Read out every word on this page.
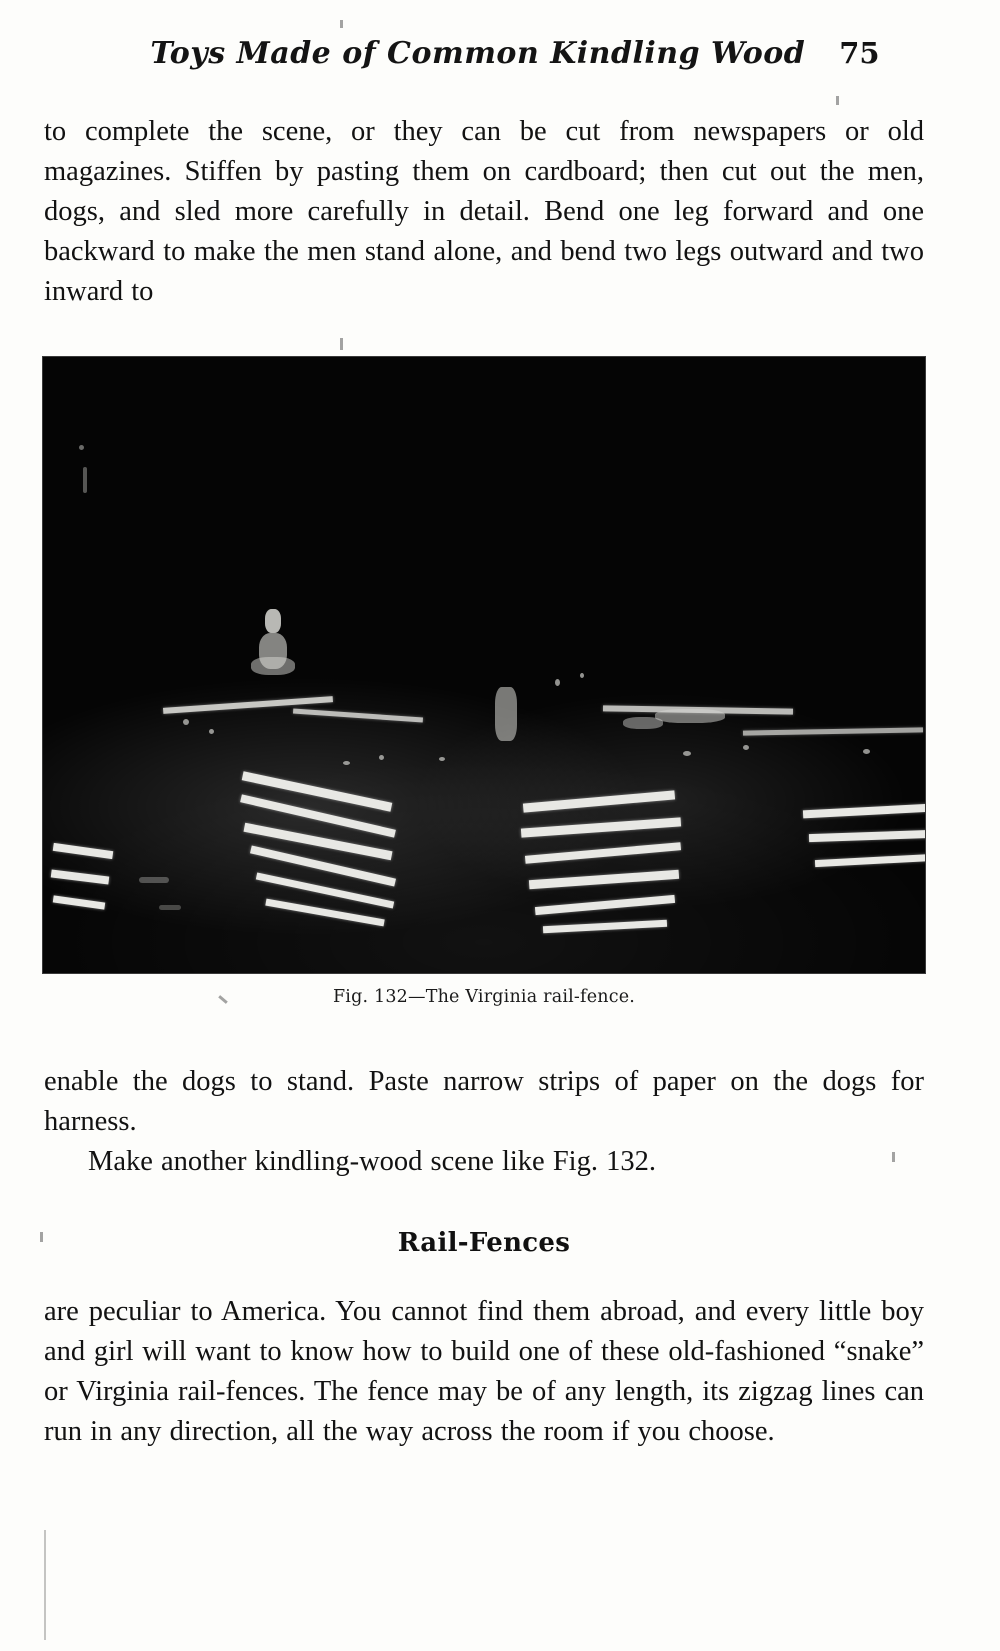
Toys Made of Common Kindling Wood 75

to complete the scene, or they can be cut from newspapers or old magazines. Stiffen by pasting them on cardboard; then cut out the men, dogs, and sled more carefully in detail. Bend one leg forward and one backward to make the men stand alone, and bend two legs outward and two inward to

Fig. 132—The Virginia rail-fence.

enable the dogs to stand. Paste narrow strips of paper on the dogs for harness.

Make another kindling-wood scene like Fig. 132.

Rail-Fences

are peculiar to America. You cannot find them abroad, and every little boy and girl will want to know how to build one of these old-fashioned “snake” or Virginia rail-fences. The fence may be of any length, its zigzag lines can run in any direction, all the way across the room if you choose.
